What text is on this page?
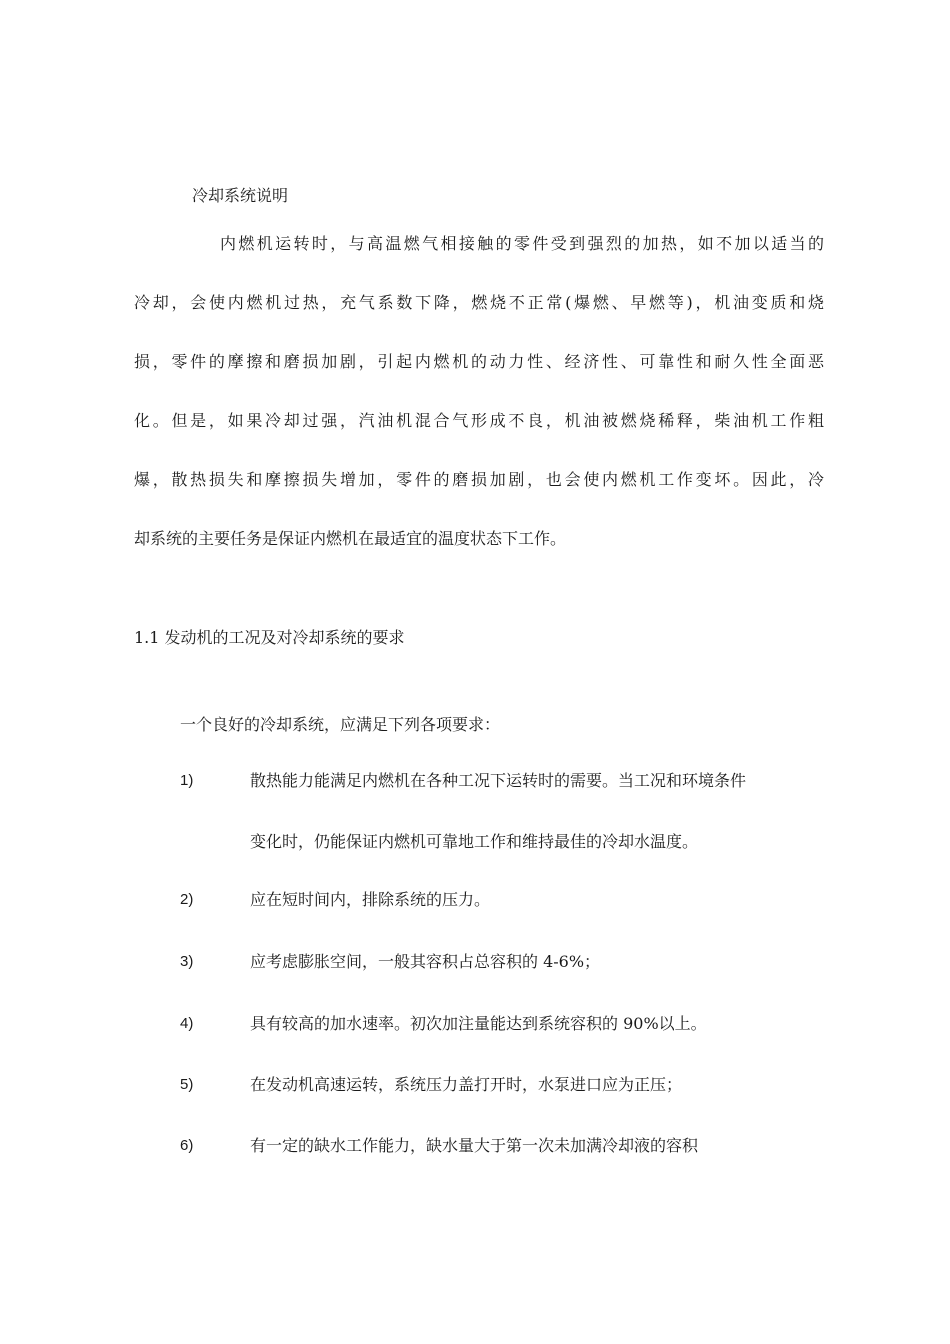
冷却系统说明
内燃机运转时，与高温燃气相接触的零件受到强烈的加热，如不加以适当的
冷却，会使内燃机过热，充气系数下降，燃烧不正常(爆燃、早燃等)，机油变质和烧
损，零件的摩擦和磨损加剧，引起内燃机的动力性、经济性、可靠性和耐久性全面恶
化。但是，如果冷却过强，汽油机混合气形成不良，机油被燃烧稀释，柴油机工作粗
爆，散热损失和摩擦损失增加，零件的磨损加剧，也会使内燃机工作变坏。因此，冷
却系统的主要任务是保证内燃机在最适宜的温度状态下工作。
1.1 发动机的工况及对冷却系统的要求
一个良好的冷却系统，应满足下列各项要求：
1)	散热能力能满足内燃机在各种工况下运转时的需要。当工况和环境条件
变化时，仍能保证内燃机可靠地工作和维持最佳的冷却水温度。
2)	应在短时间内，排除系统的压力。
3)	应考虑膨胀空间，一般其容积占总容积的 4-6%；
4)	具有较高的加水速率。初次加注量能达到系统容积的 90%以上。
5)	在发动机高速运转，系统压力盖打开时，水泵进口应为正压；
6)	有一定的缺水工作能力，缺水量大于第一次未加满冷却液的容积
